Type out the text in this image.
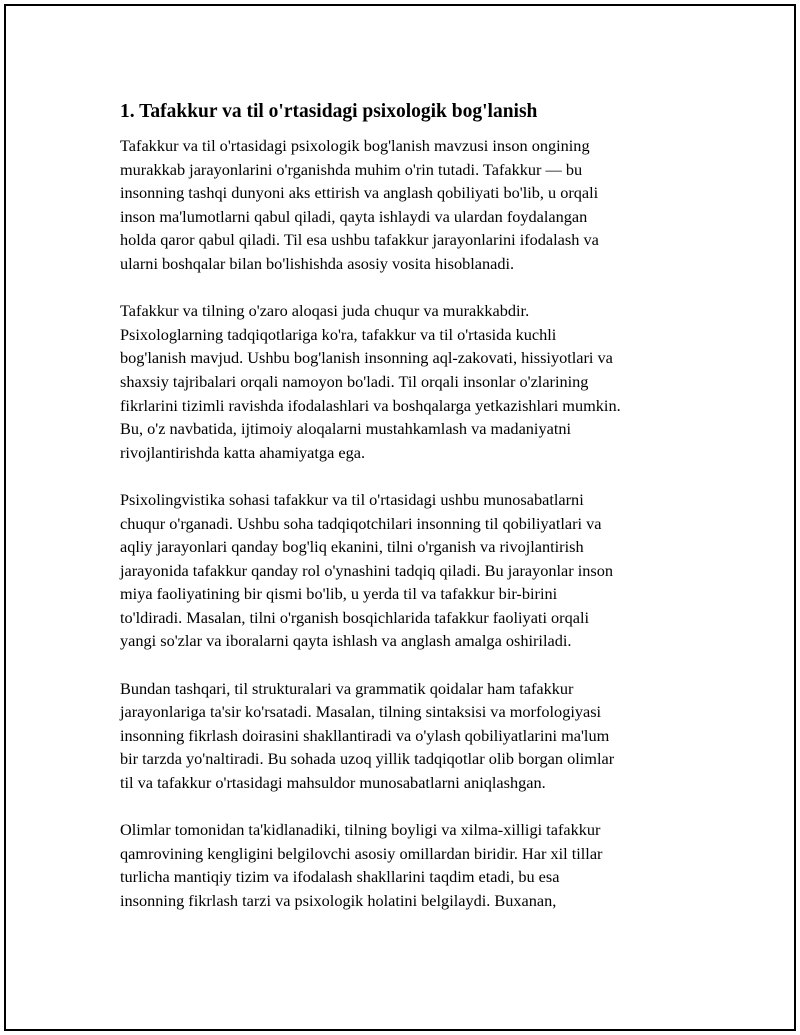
1. Tafakkur va til o'rtasidagi psixologik bog'lanish

Tafakkur va til o'rtasidagi psixologik bog'lanish mavzusi inson ongining
murakkab jarayonlarini o'rganishda muhim o'rin tutadi. Tafakkur — bu
insonning tashqi dunyoni aks ettirish va anglash qobiliyati bo'lib, u orqali
inson ma'lumotlarni qabul qiladi, qayta ishlaydi va ulardan foydalangan
holda qaror qabul qiladi. Til esa ushbu tafakkur jarayonlarini ifodalash va
ularni boshqalar bilan bo'lishishda asosiy vosita hisoblanadi.

Tafakkur va tilning o'zaro aloqasi juda chuqur va murakkabdir.
Psixologlarning tadqiqotlariga ko'ra, tafakkur va til o'rtasida kuchli
bog'lanish mavjud. Ushbu bog'lanish insonning aql-zakovati, hissiyotlari va
shaxsiy tajribalari orqali namoyon bo'ladi. Til orqali insonlar o'zlarining
fikrlarini tizimli ravishda ifodalashlari va boshqalarga yetkazishlari mumkin.
Bu, o'z navbatida, ijtimoiy aloqalarni mustahkamlash va madaniyatni
rivojlantirishda katta ahamiyatga ega.

Psixolingvistika sohasi tafakkur va til o'rtasidagi ushbu munosabatlarni
chuqur o'rganadi. Ushbu soha tadqiqotchilari insonning til qobiliyatlari va
aqliy jarayonlari qanday bog'liq ekanini, tilni o'rganish va rivojlantirish
jarayonida tafakkur qanday rol o'ynashini tadqiq qiladi. Bu jarayonlar inson
miya faoliyatining bir qismi bo'lib, u yerda til va tafakkur bir-birini
to'ldiradi. Masalan, tilni o'rganish bosqichlarida tafakkur faoliyati orqali
yangi so'zlar va iboralarni qayta ishlash va anglash amalga oshiriladi.

Bundan tashqari, til strukturalari va grammatik qoidalar ham tafakkur
jarayonlariga ta'sir ko'rsatadi. Masalan, tilning sintaksisi va morfologiyasi
insonning fikrlash doirasini shakllantiradi va o'ylash qobiliyatlarini ma'lum
bir tarzda yo'naltiradi. Bu sohada uzoq yillik tadqiqotlar olib borgan olimlar
til va tafakkur o'rtasidagi mahsuldor munosabatlarni aniqlashgan.

Olimlar tomonidan ta'kidlanadiki, tilning boyligi va xilma-xilligi tafakkur
qamrovining kengligini belgilovchi asosiy omillardan biridir. Har xil tillar
turlicha mantiqiy tizim va ifodalash shakllarini taqdim etadi, bu esa
insonning fikrlash tarzi va psixologik holatini belgilaydi. Buxanan,
